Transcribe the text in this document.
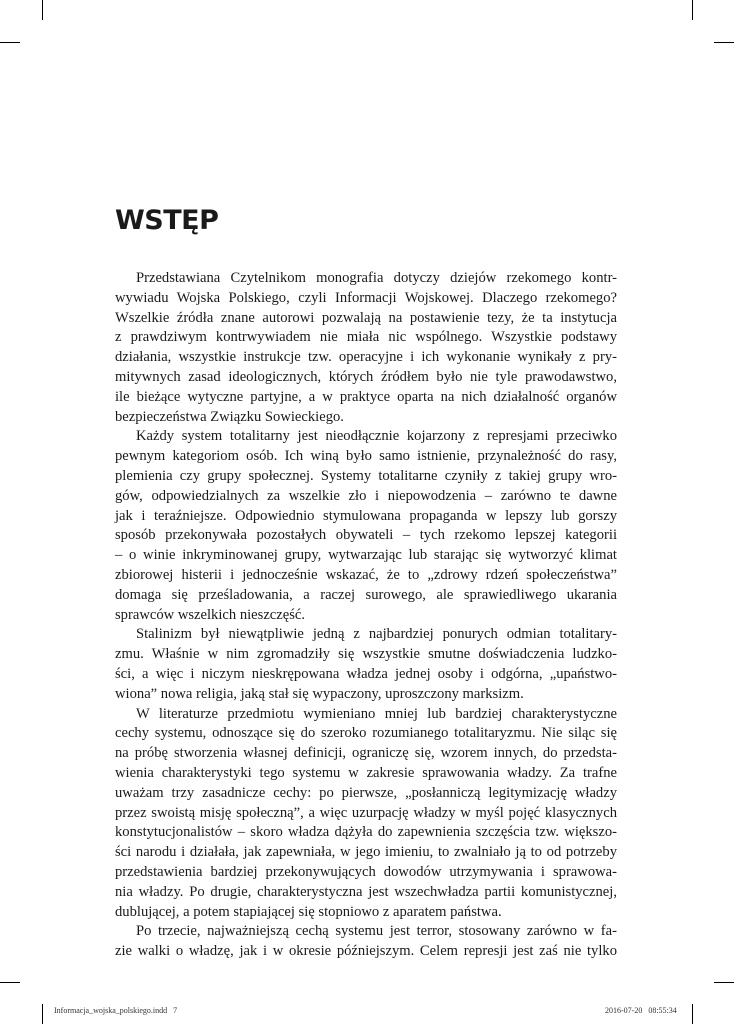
WSTĘP
Przedstawiana Czytelnikom monografia dotyczy dziejów rzekomego kontr-
wywiadu Wojska Polskiego, czyli Informacji Wojskowej. Dlaczego rzekomego?
Wszelkie źródła znane autorowi pozwalają na postawienie tezy, że ta instytucja
z prawdziwym kontrwywiadem nie miała nic wspólnego. Wszystkie podstawy
działania, wszystkie instrukcje tzw. operacyjne i ich wykonanie wynikały z pry-
mitywnych zasad ideologicznych, których źródłem było nie tyle prawodawstwo,
ile bieżące wytyczne partyjne, a w praktyce oparta na nich działalność organów
bezpieczeństwa Związku Sowieckiego.
Każdy system totalitarny jest nieodłącznie kojarzony z represjami przeciwko
pewnym kategoriom osób. Ich winą było samo istnienie, przynależność do rasy,
plemienia czy grupy społecznej. Systemy totalitarne czyniły z takiej grupy wro-
gów, odpowiedzialnych za wszelkie zło i niepowodzenia – zarówno te dawne
jak i teraźniejsze. Odpowiednio stymulowana propaganda w lepszy lub gorszy
sposób przekonywała pozostałych obywateli – tych rzekomo lepszej kategorii
– o winie inkryminowanej grupy, wytwarzając lub starając się wytworzyć klimat
zbiorowej histerii i jednocześnie wskazać, że to „zdrowy rdzeń społeczeństwa”
domaga się prześladowania, a raczej surowego, ale sprawiedliwego ukarania
sprawców wszelkich nieszczęść.
Stalinizm był niewątpliwie jedną z najbardziej ponurych odmian totalitary-
zmu. Właśnie w nim zgromadziły się wszystkie smutne doświadczenia ludzko-
ści, a więc i niczym nieskrępowana władza jednej osoby i odgórna, „upaństwo-
wiona” nowa religia, jaką stał się wypaczony, uproszczony marksizm.
W literaturze przedmiotu wymieniano mniej lub bardziej charakterystyczne
cechy systemu, odnoszące się do szeroko rozumianego totalitaryzmu. Nie siląc się
na próbę stworzenia własnej definicji, ograniczę się, wzorem innych, do przedsta-
wienia charakterystyki tego systemu w zakresie sprawowania władzy. Za trafne
uważam trzy zasadnicze cechy: po pierwsze, „posłanniczą legitymizację władzy
przez swoistą misję społeczną”, a więc uzurpację władzy w myśl pojęć klasycznych
konstytucjonalistów – skoro władza dążyła do zapewnienia szczęścia tzw. większo-
ści narodu i działała, jak zapewniała, w jego imieniu, to zwalniało ją to od potrzeby
przedstawienia bardziej przekonywujących dowodów utrzymywania i sprawowa-
nia władzy. Po drugie, charakterystyczna jest wszechwładza partii komunistycznej,
dublującej, a potem stapiającej się stopniowo z aparatem państwa.
Po trzecie, najważniejszą cechą systemu jest terror, stosowany zarówno w fa-
zie walki o władzę, jak i w okresie późniejszym. Celem represji jest zaś nie tylko
Informacja_wojska_polskiego.indd   7	2016-07-20   08:55:34
